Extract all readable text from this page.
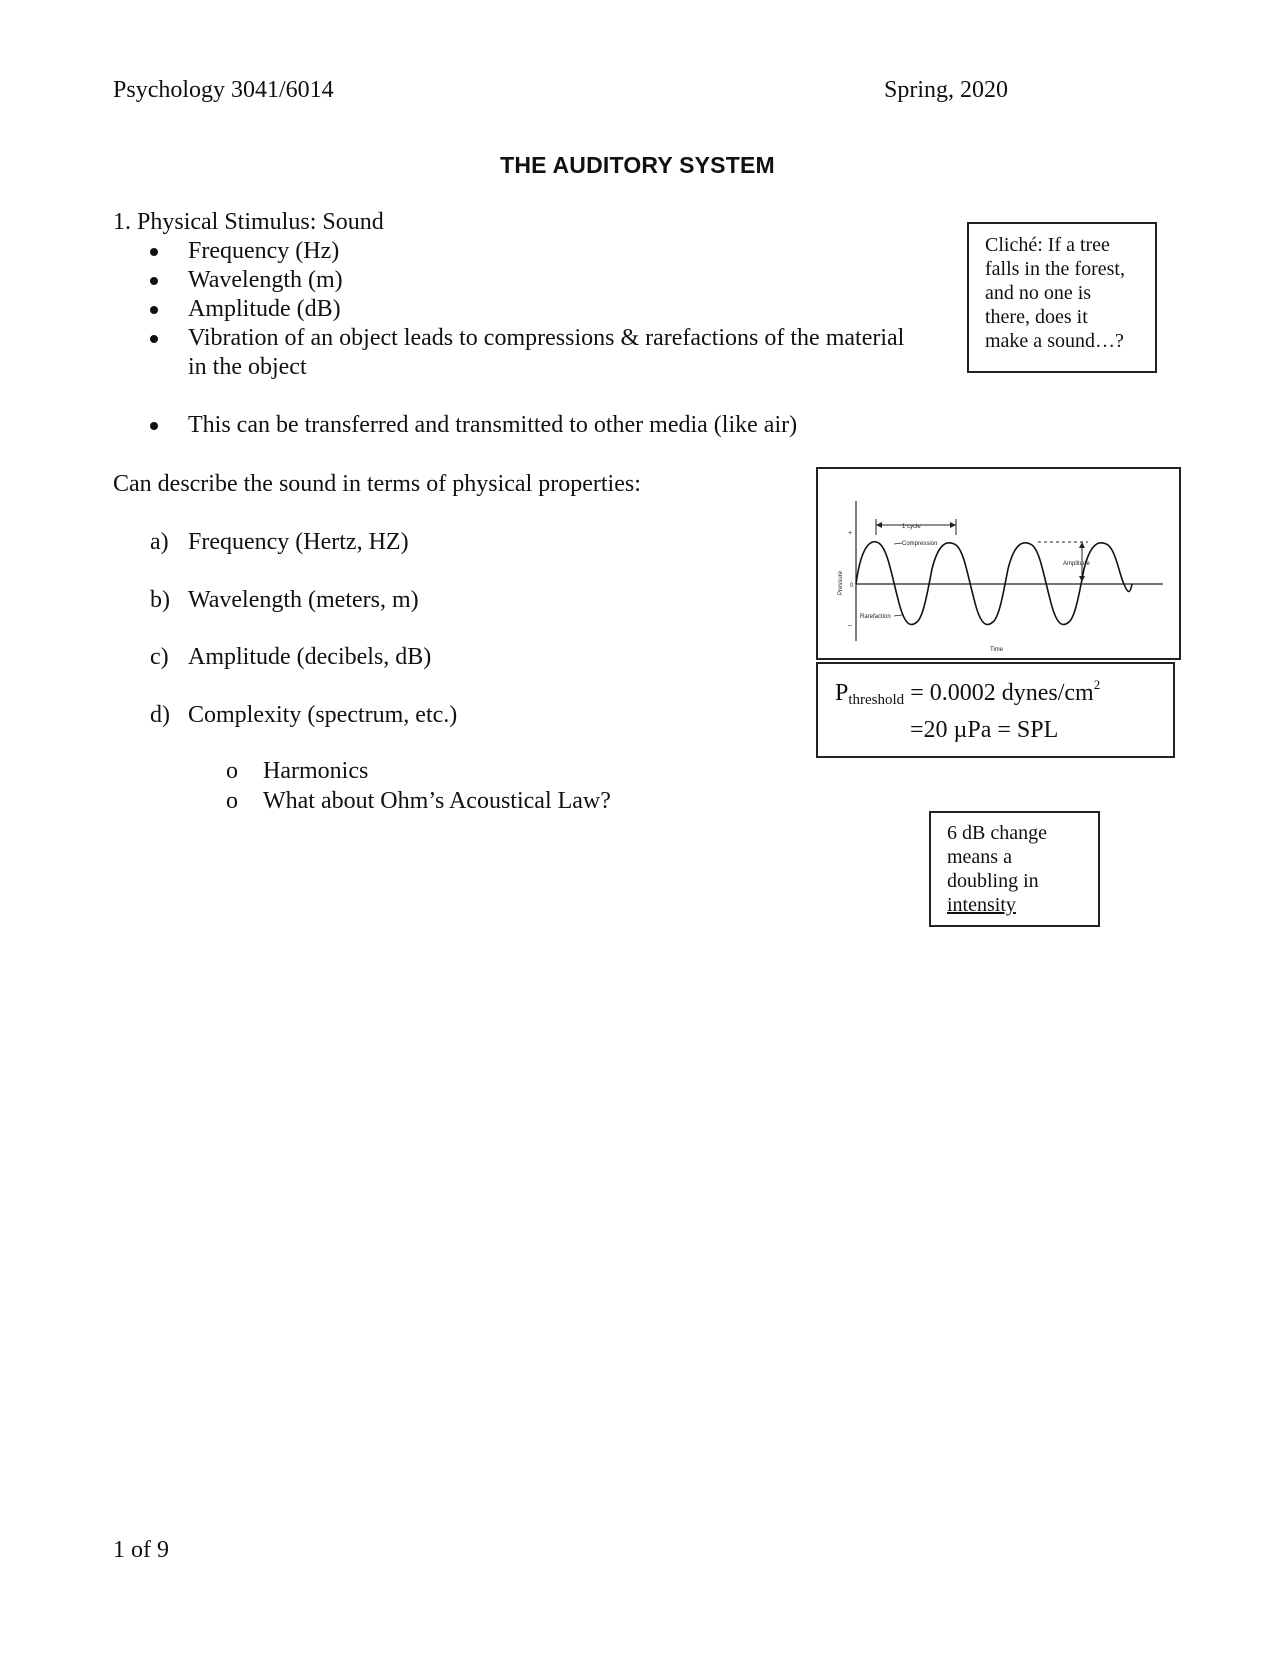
Psychology 3041/6014	Spring, 2020
THE AUDITORY SYSTEM
1. Physical Stimulus: Sound
Frequency (Hz)
Wavelength (m)
Amplitude (dB)
Vibration of an object leads to compressions & rarefactions of the material
in the object
This can be transferred and transmitted to other media (like air)
Can describe the sound in terms of physical properties:
a) Frequency (Hertz, HZ)
b) Wavelength (meters, m)
c) Amplitude (decibels, dB)
d) Complexity (spectrum, etc.)
o Harmonics
o What about Ohm’s Acoustical Law?
Cliché: If a tree
falls in the forest,
and no one is
there, does it
make a sound…?
1 cycle
Amplitude
Compression
Rarefaction
+
0
–
Pressure
Time
$P_{threshold} = 0.0002$ dynes/$cm^2$
=20 µPa = SPL
6 dB change
means a
doubling in
intensity
1 of 9
